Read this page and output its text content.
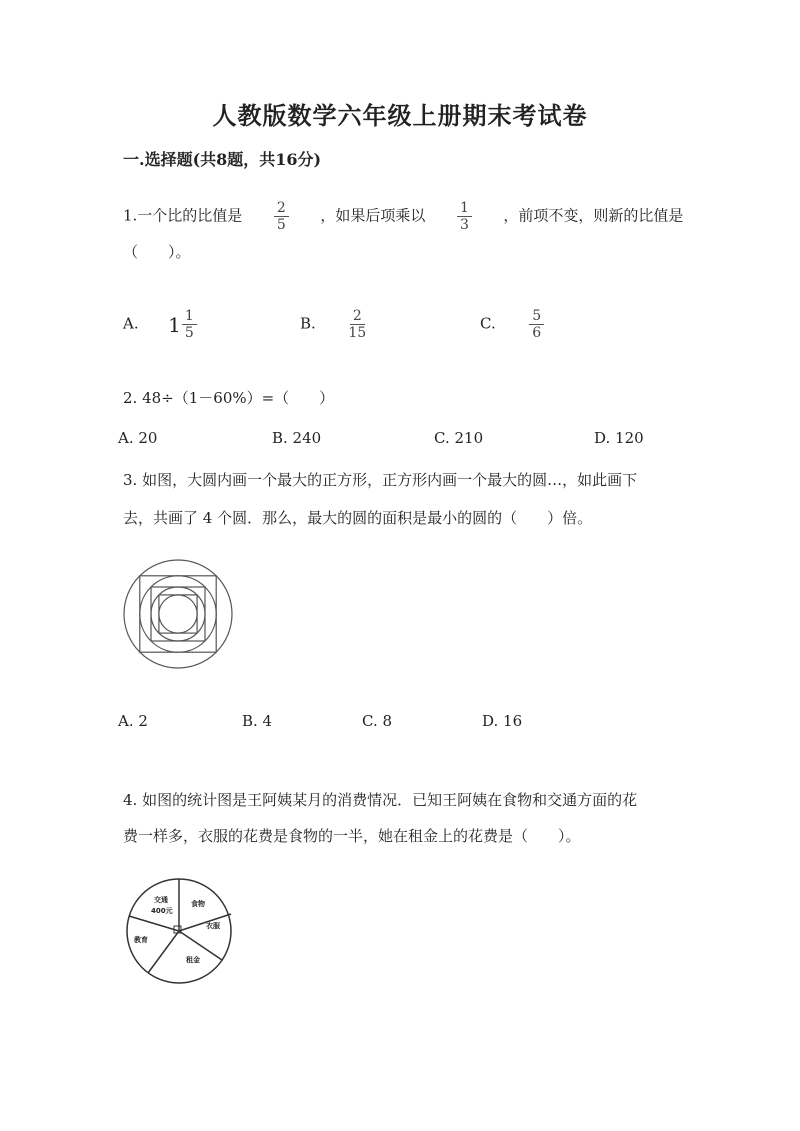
人教版数学六年级上册期末考试卷
一.选择题(共8题，共16分)
1.一个比的比值是 $\frac{2}{5}$ ，如果后项乘以 $\frac{1}{3}$ ，前项不变，则新的比值是
（　　）。
A. $1 \frac{1}{5}$	B. $\frac{2}{15}$	C. $\frac{5}{6}$
2. 48÷（1－60%）=（　　）
A. 20	B. 240	C. 210	D. 120
3. 如图，大圆内画一个最大的正方形，正方形内画一个最大的圆…，如此画下
去，共画了 4 个圆．那么，最大的圆的面积是最小的圆的（　　）倍。
A. 2	B. 4	C. 8	D. 16
4. 如图的统计图是王阿姨某月的消费情况．已知王阿姨在食物和交通方面的花
费一样多，衣服的花费是食物的一半，她在租金上的花费是（　　）。
交通
400元
食物
衣服
教育
租金
